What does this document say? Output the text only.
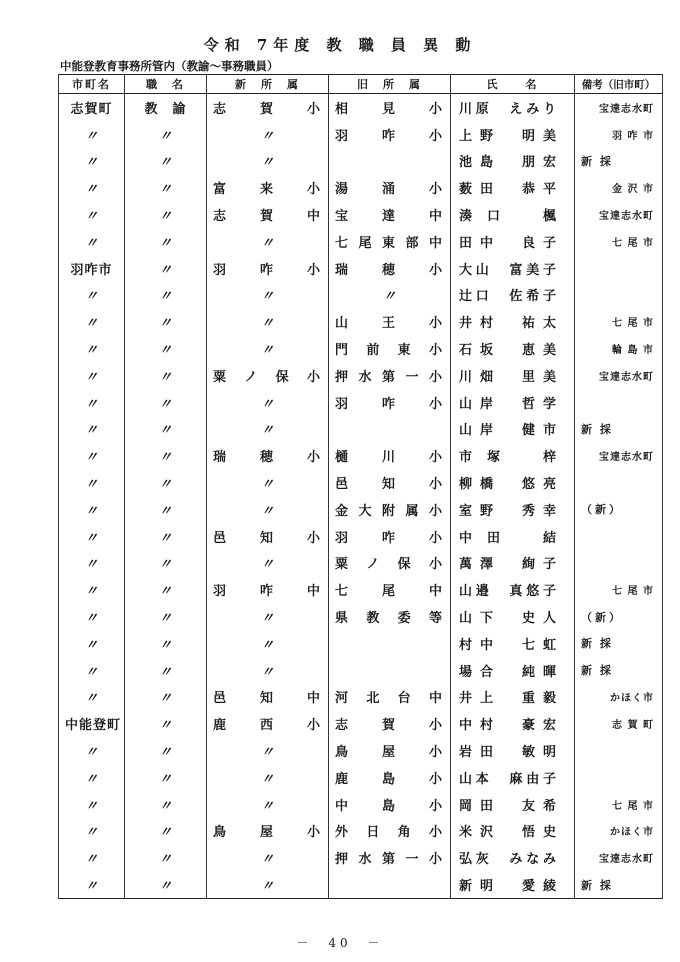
令和 7年度 教 職 員 異 動
中能登教育事務所管内（教諭～事務職員）
市町名	職　名	新　所　属	旧　所　属	氏　　名	備考（旧市町）
志賀町	教　諭	志　賀　小	相　見　小	川原　えみり	宝達志水町

〃	〃	〃	羽　咋　小	上野　明美	羽 咋 市

〃	〃	〃		池島　朋宏	新 採
〃	〃	富　来　小	湯　涌　小	薮田　恭平	金 沢 市

〃	〃	志　賀　中	宝　達　中	湊口　楓	宝達志水町

〃	〃	〃	七尾東部中	田中　良子	七 尾 市

羽咋市	〃	羽　咋　小	瑞　穂　小	大山　富美子	

〃	〃	〃	〃	辻口　佐希子	

〃	〃	〃	山　王　小	井村　祐太	七 尾 市

〃	〃	〃	門前東小	石坂　恵美	輪 島 市

〃	〃	粟ノ保小	押水第一小	川畑　里美	宝達志水町

〃	〃	〃	羽　咋　小	山岸　哲学	

〃	〃	〃		山岸　健市	新 採
〃	〃	瑞　穂　小	樋　川　小	市塚　梓	宝達志水町

〃	〃	〃	邑　知　小	柳橋　悠亮	

〃	〃	〃	金大附属小	室野　秀幸	（新）
〃	〃	邑　知　小	羽　咋　小	中田　結	

〃	〃	〃	粟ノ保小	萬澤　絢子	

〃	〃	羽　咋　中	七　尾　中	山邉　真悠子	七 尾 市

〃	〃	〃	県教委等	山下　史人	（新）
〃	〃	〃		村中　七虹	新 採
〃	〃	〃		場合　純暉	新 採
〃	〃	邑　知　中	河北台中	井上　重毅	かほく市

中能登町	〃	鹿　西　小	志　賀　小	中村　豪宏	志 賀 町

〃	〃	〃	鳥　屋　小	岩田　敏明	

〃	〃	〃	鹿　島　小	山本　麻由子	

〃	〃	〃	中　島　小	岡田　友希	七 尾 市

〃	〃	鳥　屋　小	外日角小	米沢　悟史	かほく市

〃	〃	〃	押水第一小	弘灰　みなみ	宝達志水町

〃	〃	〃		新明　愛綾	新 採
－　40　－
